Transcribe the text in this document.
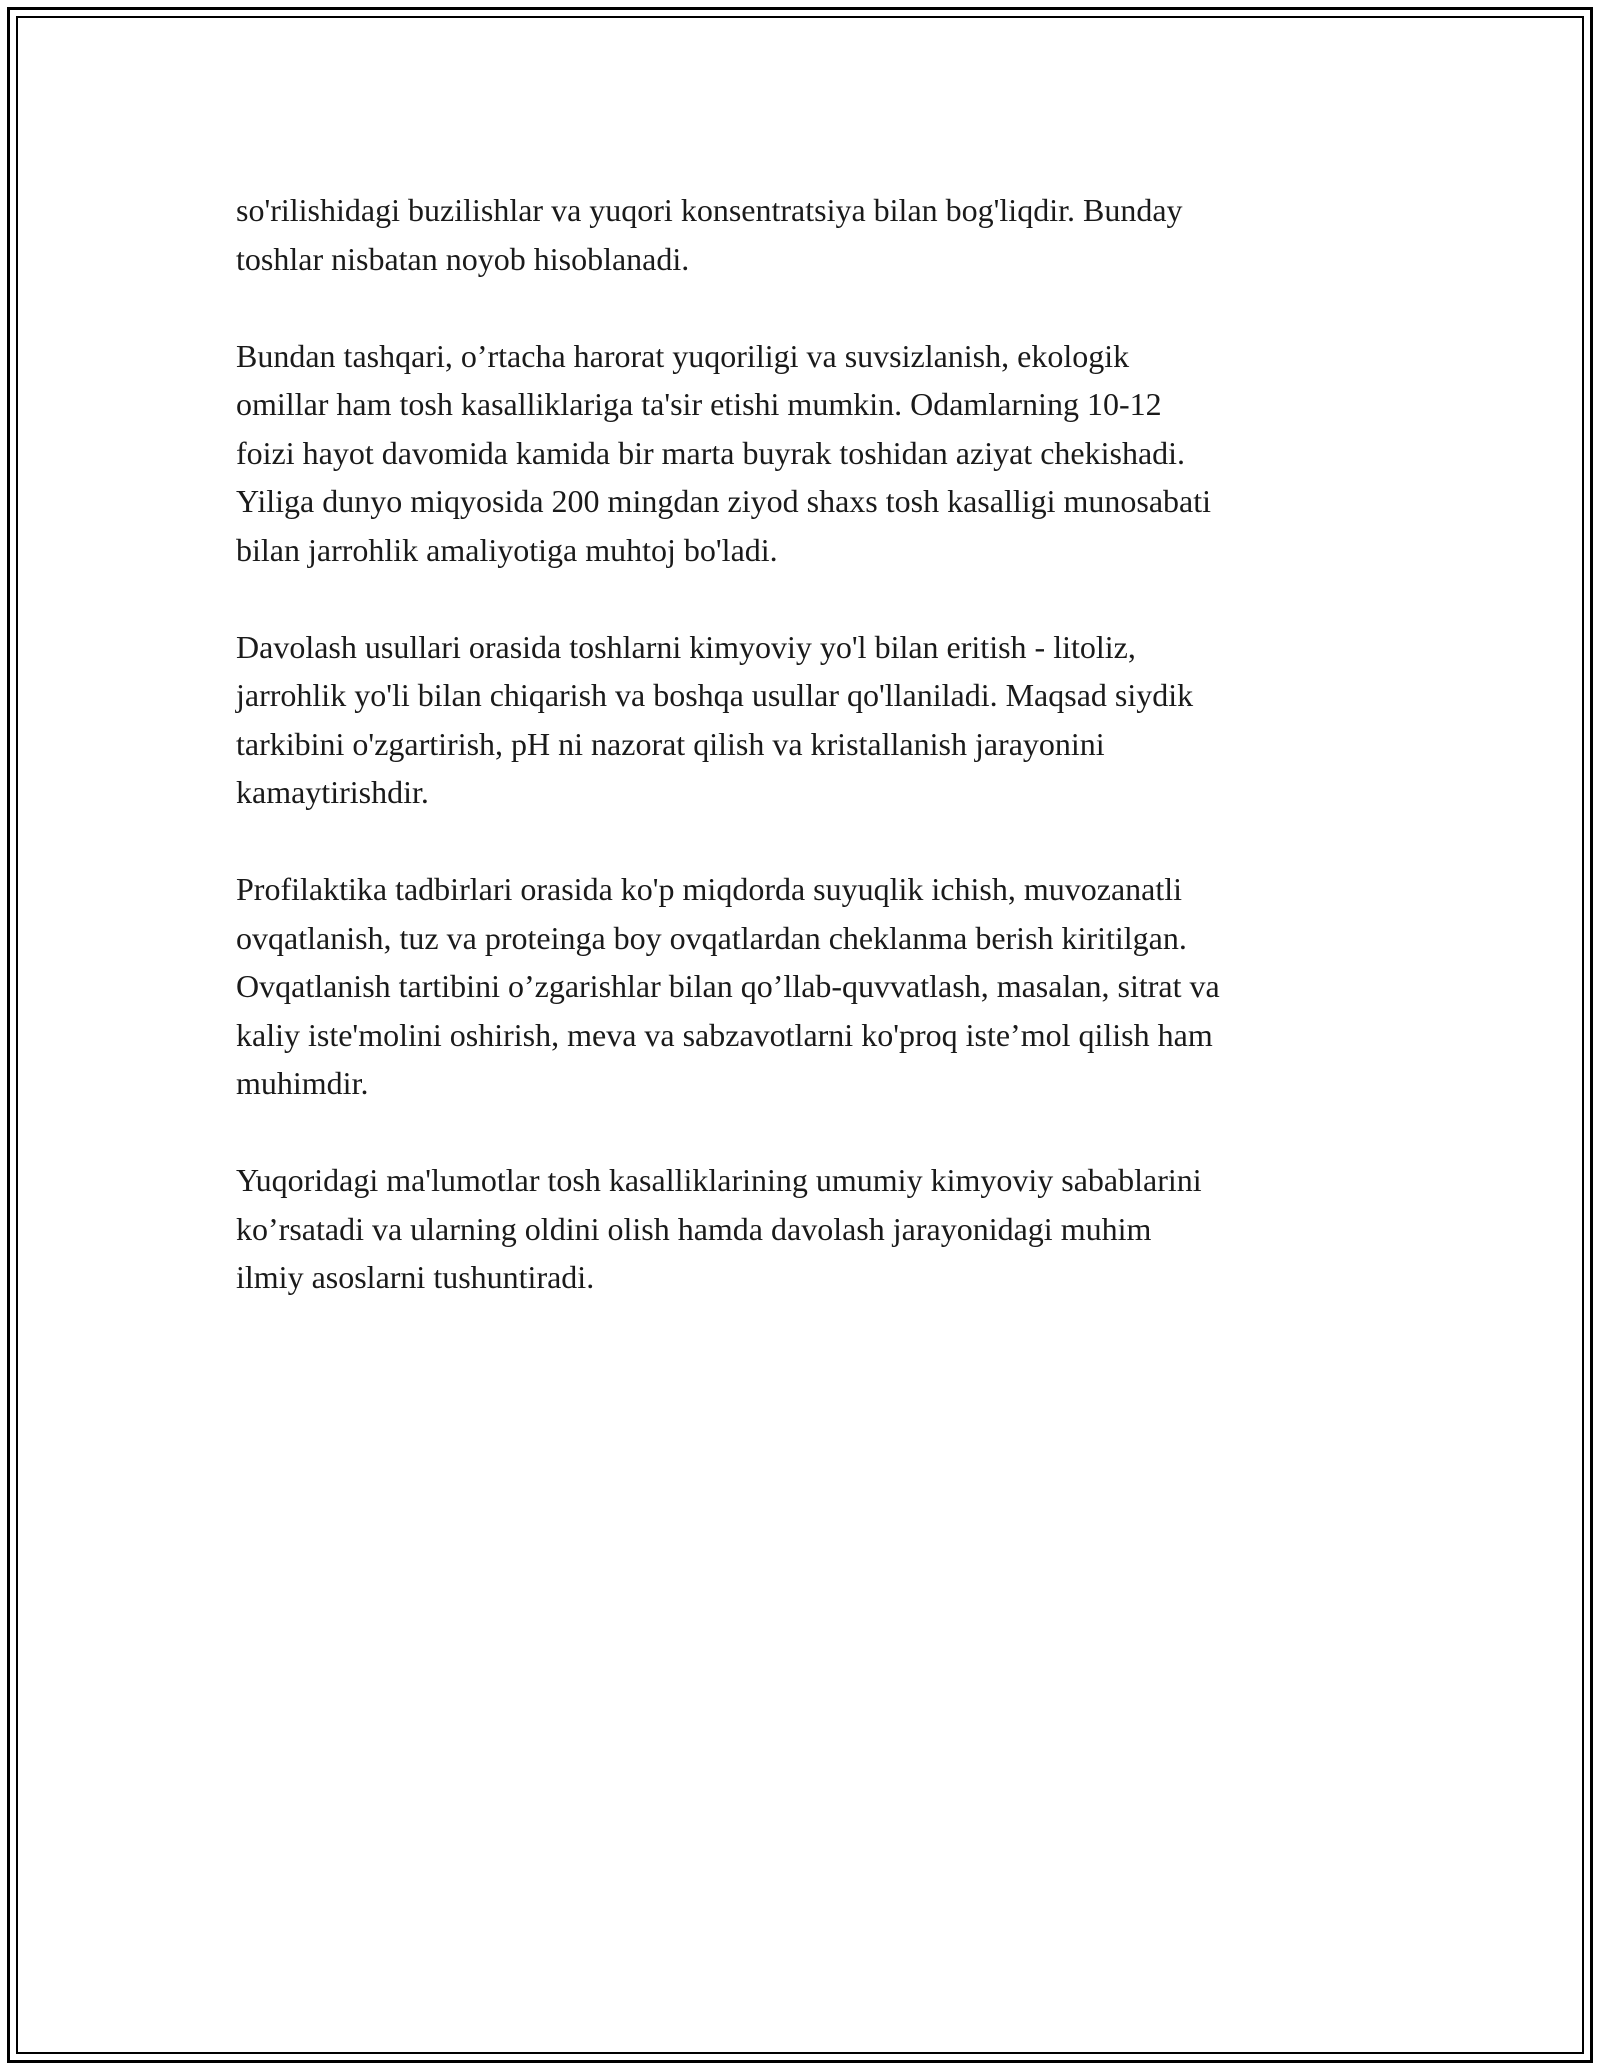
so'rilishidagi buzilishlar va yuqori konsentratsiya bilan bog'liqdir. Bunday
toshlar nisbatan noyob hisoblanadi.

Bundan tashqari, o’rtacha harorat yuqoriligi va suvsizlanish, ekologik
omillar ham tosh kasalliklariga ta'sir etishi mumkin. Odamlarning 10-12
foizi hayot davomida kamida bir marta buyrak toshidan aziyat chekishadi.
Yiliga dunyo miqyosida 200 mingdan ziyod shaxs tosh kasalligi munosabati
bilan jarrohlik amaliyotiga muhtoj bo'ladi.

Davolash usullari orasida toshlarni kimyoviy yo'l bilan eritish - litoliz,
jarrohlik yo'li bilan chiqarish va boshqa usullar qo'llaniladi. Maqsad siydik
tarkibini o'zgartirish, pH ni nazorat qilish va kristallanish jarayonini
kamaytirishdir.

Profilaktika tadbirlari orasida ko'p miqdorda suyuqlik ichish, muvozanatli
ovqatlanish, tuz va proteinga boy ovqatlardan cheklanma berish kiritilgan.
Ovqatlanish tartibini o’zgarishlar bilan qo’llab-quvvatlash, masalan, sitrat va
kaliy iste'molini oshirish, meva va sabzavotlarni ko'proq iste’mol qilish ham
muhimdir.

Yuqoridagi ma'lumotlar tosh kasalliklarining umumiy kimyoviy sabablarini
ko’rsatadi va ularning oldini olish hamda davolash jarayonidagi muhim
ilmiy asoslarni tushuntiradi.
